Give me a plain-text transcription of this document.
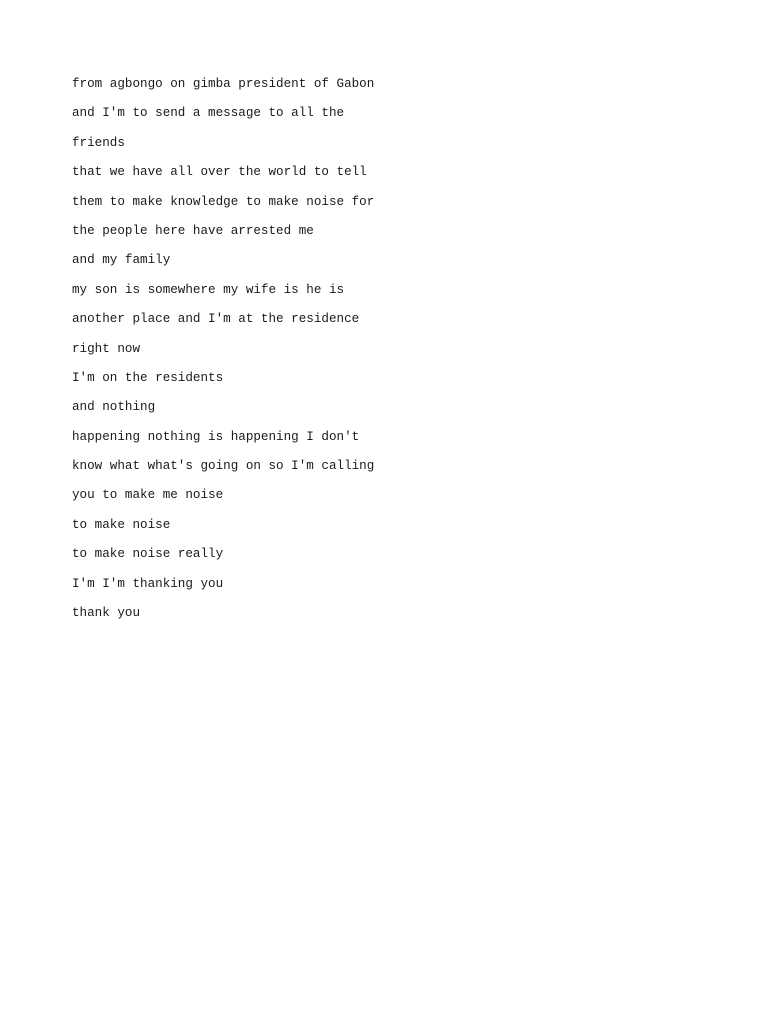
from agbongo on gimba president of Gabon
and I'm to send a message to all the
friends
that we have all over the world to tell
them to make knowledge to make noise for
the people here have arrested me
and my family
my son is somewhere my wife is he is
another place and I'm at the residence
right now
I'm on the residents
and nothing
happening nothing is happening I don't
know what what's going on so I'm calling
you to make me noise
to make noise
to make noise really
I'm I'm thanking you
thank you
